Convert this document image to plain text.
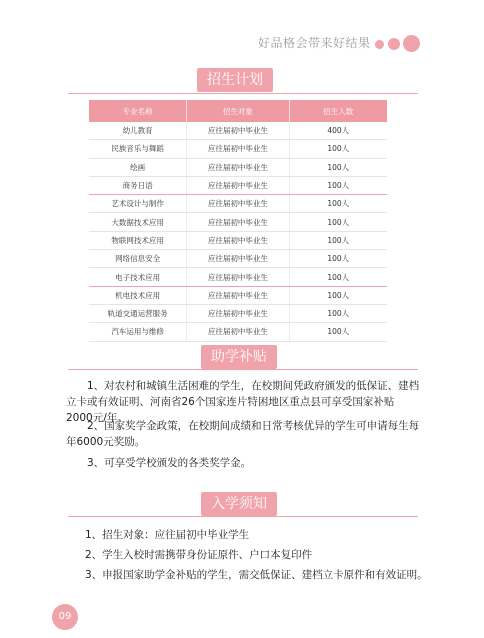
好品格会带来好结果
招生计划
专业名称	招生对象	招生人数
幼儿教育	应往届初中毕业生	400人
民族音乐与舞蹈	应往届初中毕业生	100人
绘画	应往届初中毕业生	100人
商务日语	应往届初中毕业生	100人
艺术设计与制作	应往届初中毕业生	100人
大数据技术应用	应往届初中毕业生	100人
物联网技术应用	应往届初中毕业生	100人
网络信息安全	应往届初中毕业生	100人
电子技术应用	应往届初中毕业生	100人
机电技术应用	应往届初中毕业生	100人
轨道交通运营服务	应往届初中毕业生	100人
汽车运用与维修	应往届初中毕业生	100人
助学补贴
1、对农村和城镇生活困难的学生，在校期间凭政府颁发的低保证、建档立卡或有效证明、河南省26个国家连片特困地区重点县可享受国家补贴2000元/年。
2、国家奖学金政策，在校期间成绩和日常考核优异的学生可申请每生每年6000元奖励。
3、可享受学校颁发的各类奖学金。
入学须知
1、招生对象：应往届初中毕业学生
2、学生入校时需携带身份证原件、户口本复印件
3、申报国家助学金补贴的学生，需交低保证、建档立卡原件和有效证明。
09
